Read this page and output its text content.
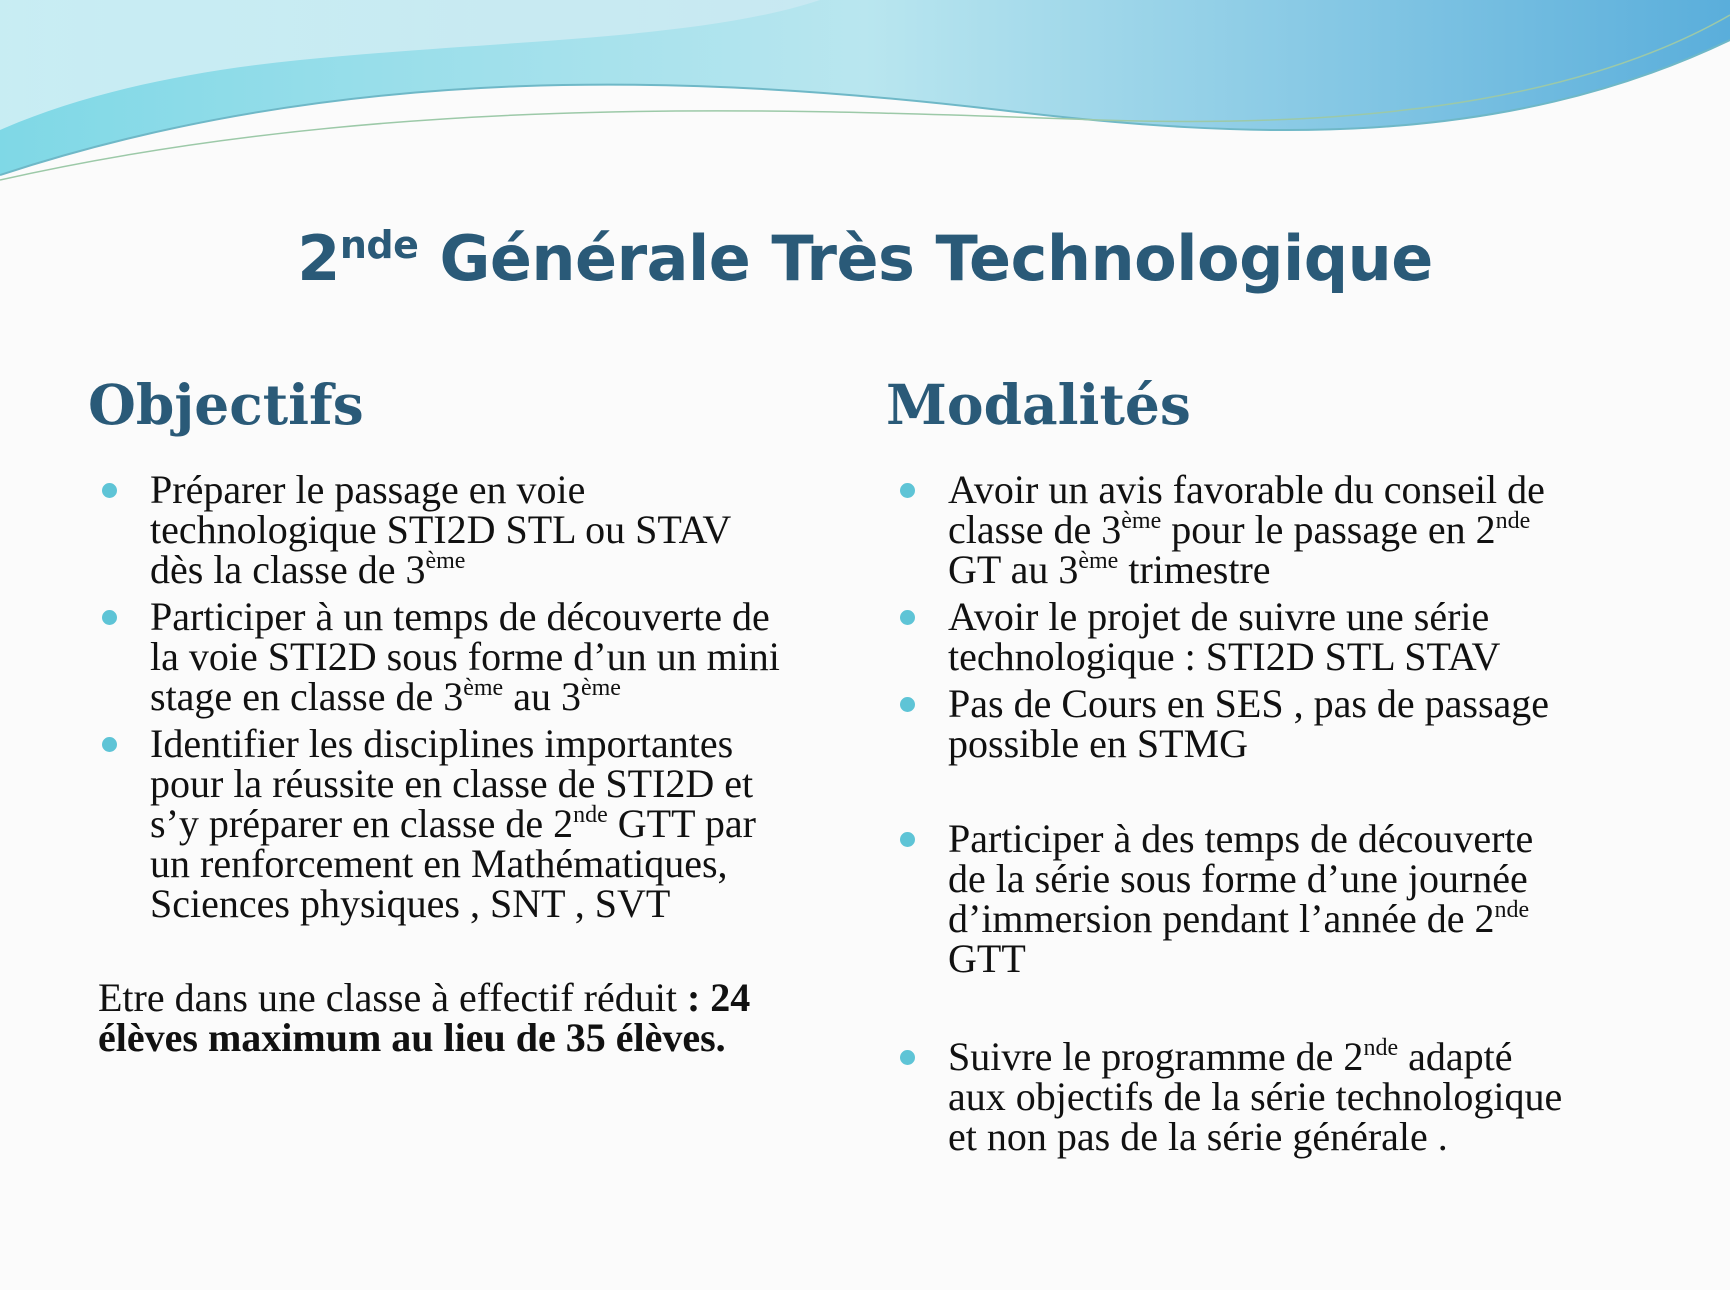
2nde Générale Très Technologique
Objectifs	Modalités
Préparer le passage en voie
technologique STI2D STL ou STAV
dès la classe de 3ème
Participer à un temps de découverte de
la voie STI2D sous forme d’un un mini
stage en classe de 3ème au 3ème
Identifier les disciplines importantes
pour la réussite en classe de STI2D et
s’y préparer en classe de 2nde GTT par
un renforcement en Mathématiques,
Sciences physiques , SNT , SVT
Etre dans une classe à effectif réduit : 24
élèves maximum au lieu de 35 élèves.
Avoir un avis favorable du conseil de
classe de 3ème pour le passage en 2nde
GT au 3ème trimestre
Avoir le projet de suivre une série
technologique : STI2D STL STAV
Pas de Cours en SES , pas de passage
possible en STMG
Participer à des temps de découverte
de la série sous forme d’une journée
d’immersion pendant l’année de 2nde
GTT
Suivre le programme de 2nde adapté
aux objectifs de la série technologique
et non pas de la série générale .
